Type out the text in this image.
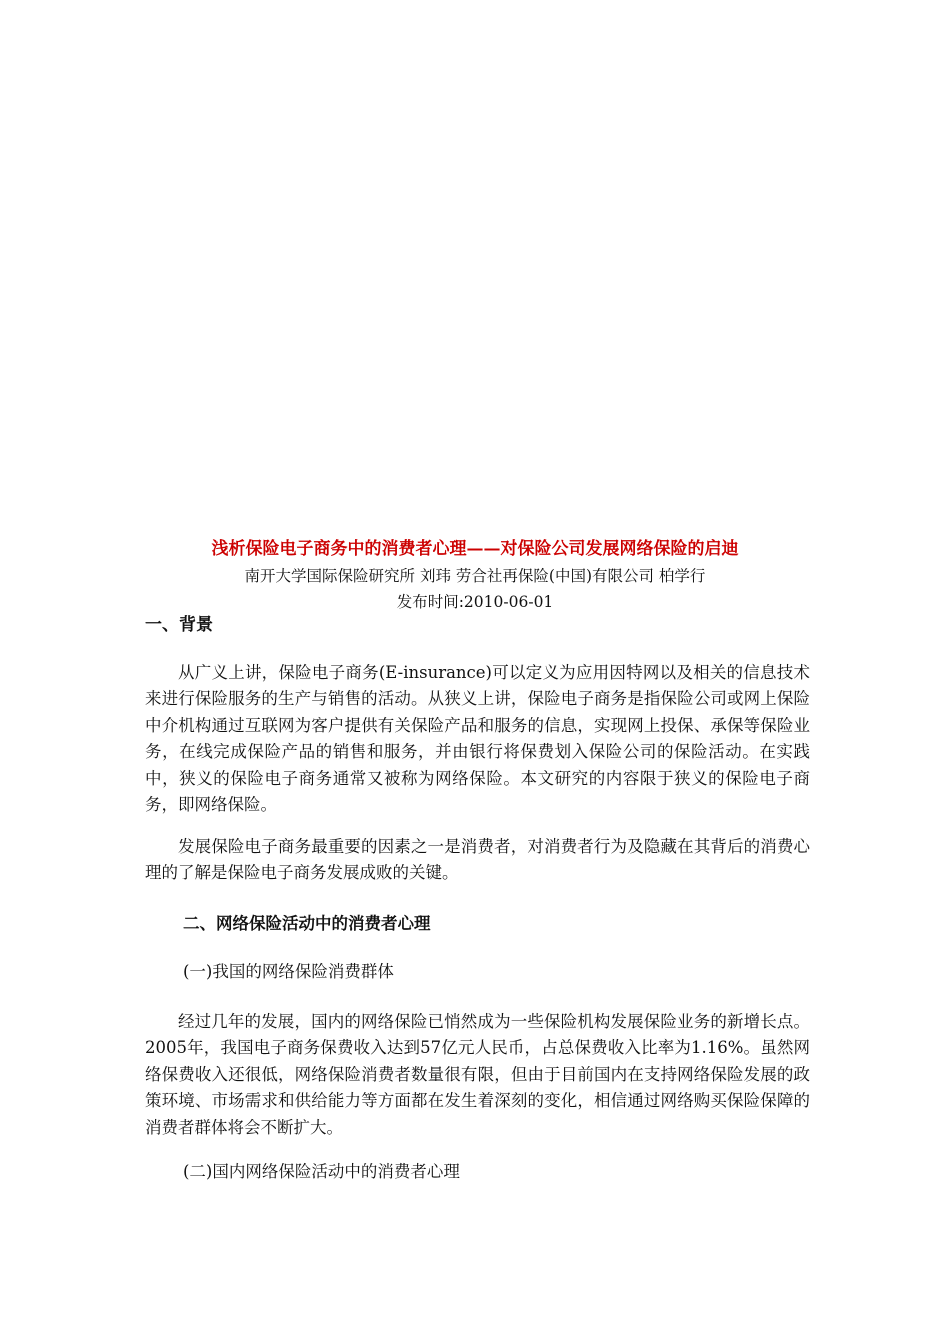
浅析保险电子商务中的消费者心理——对保险公司发展网络保险的启迪
南开大学国际保险研究所 刘玮 劳合社再保险(中国)有限公司 柏学行
发布时间:2010-06-01
一、背景
从广义上讲，保险电子商务(E-insurance)可以定义为应用因特网以及相关的信息技术来进行保险服务的生产与销售的活动。从狭义上讲，保险电子商务是指保险公司或网上保险中介机构通过互联网为客户提供有关保险产品和服务的信息，实现网上投保、承保等保险业务，在线完成保险产品的销售和服务，并由银行将保费划入保险公司的保险活动。在实践中，狭义的保险电子商务通常又被称为网络保险。本文研究的内容限于狭义的保险电子商务，即网络保险。
发展保险电子商务最重要的因素之一是消费者，对消费者行为及隐藏在其背后的消费心理的了解是保险电子商务发展成败的关键。
二、网络保险活动中的消费者心理
(一)我国的网络保险消费群体
经过几年的发展，国内的网络保险已悄然成为一些保险机构发展保险业务的新增长点。2005年，我国电子商务保费收入达到57亿元人民币，占总保费收入比率为1.16%。虽然网络保费收入还很低，网络保险消费者数量很有限，但由于目前国内在支持网络保险发展的政策环境、市场需求和供给能力等方面都在发生着深刻的变化，相信通过网络购买保险保障的消费者群体将会不断扩大。
(二)国内网络保险活动中的消费者心理
